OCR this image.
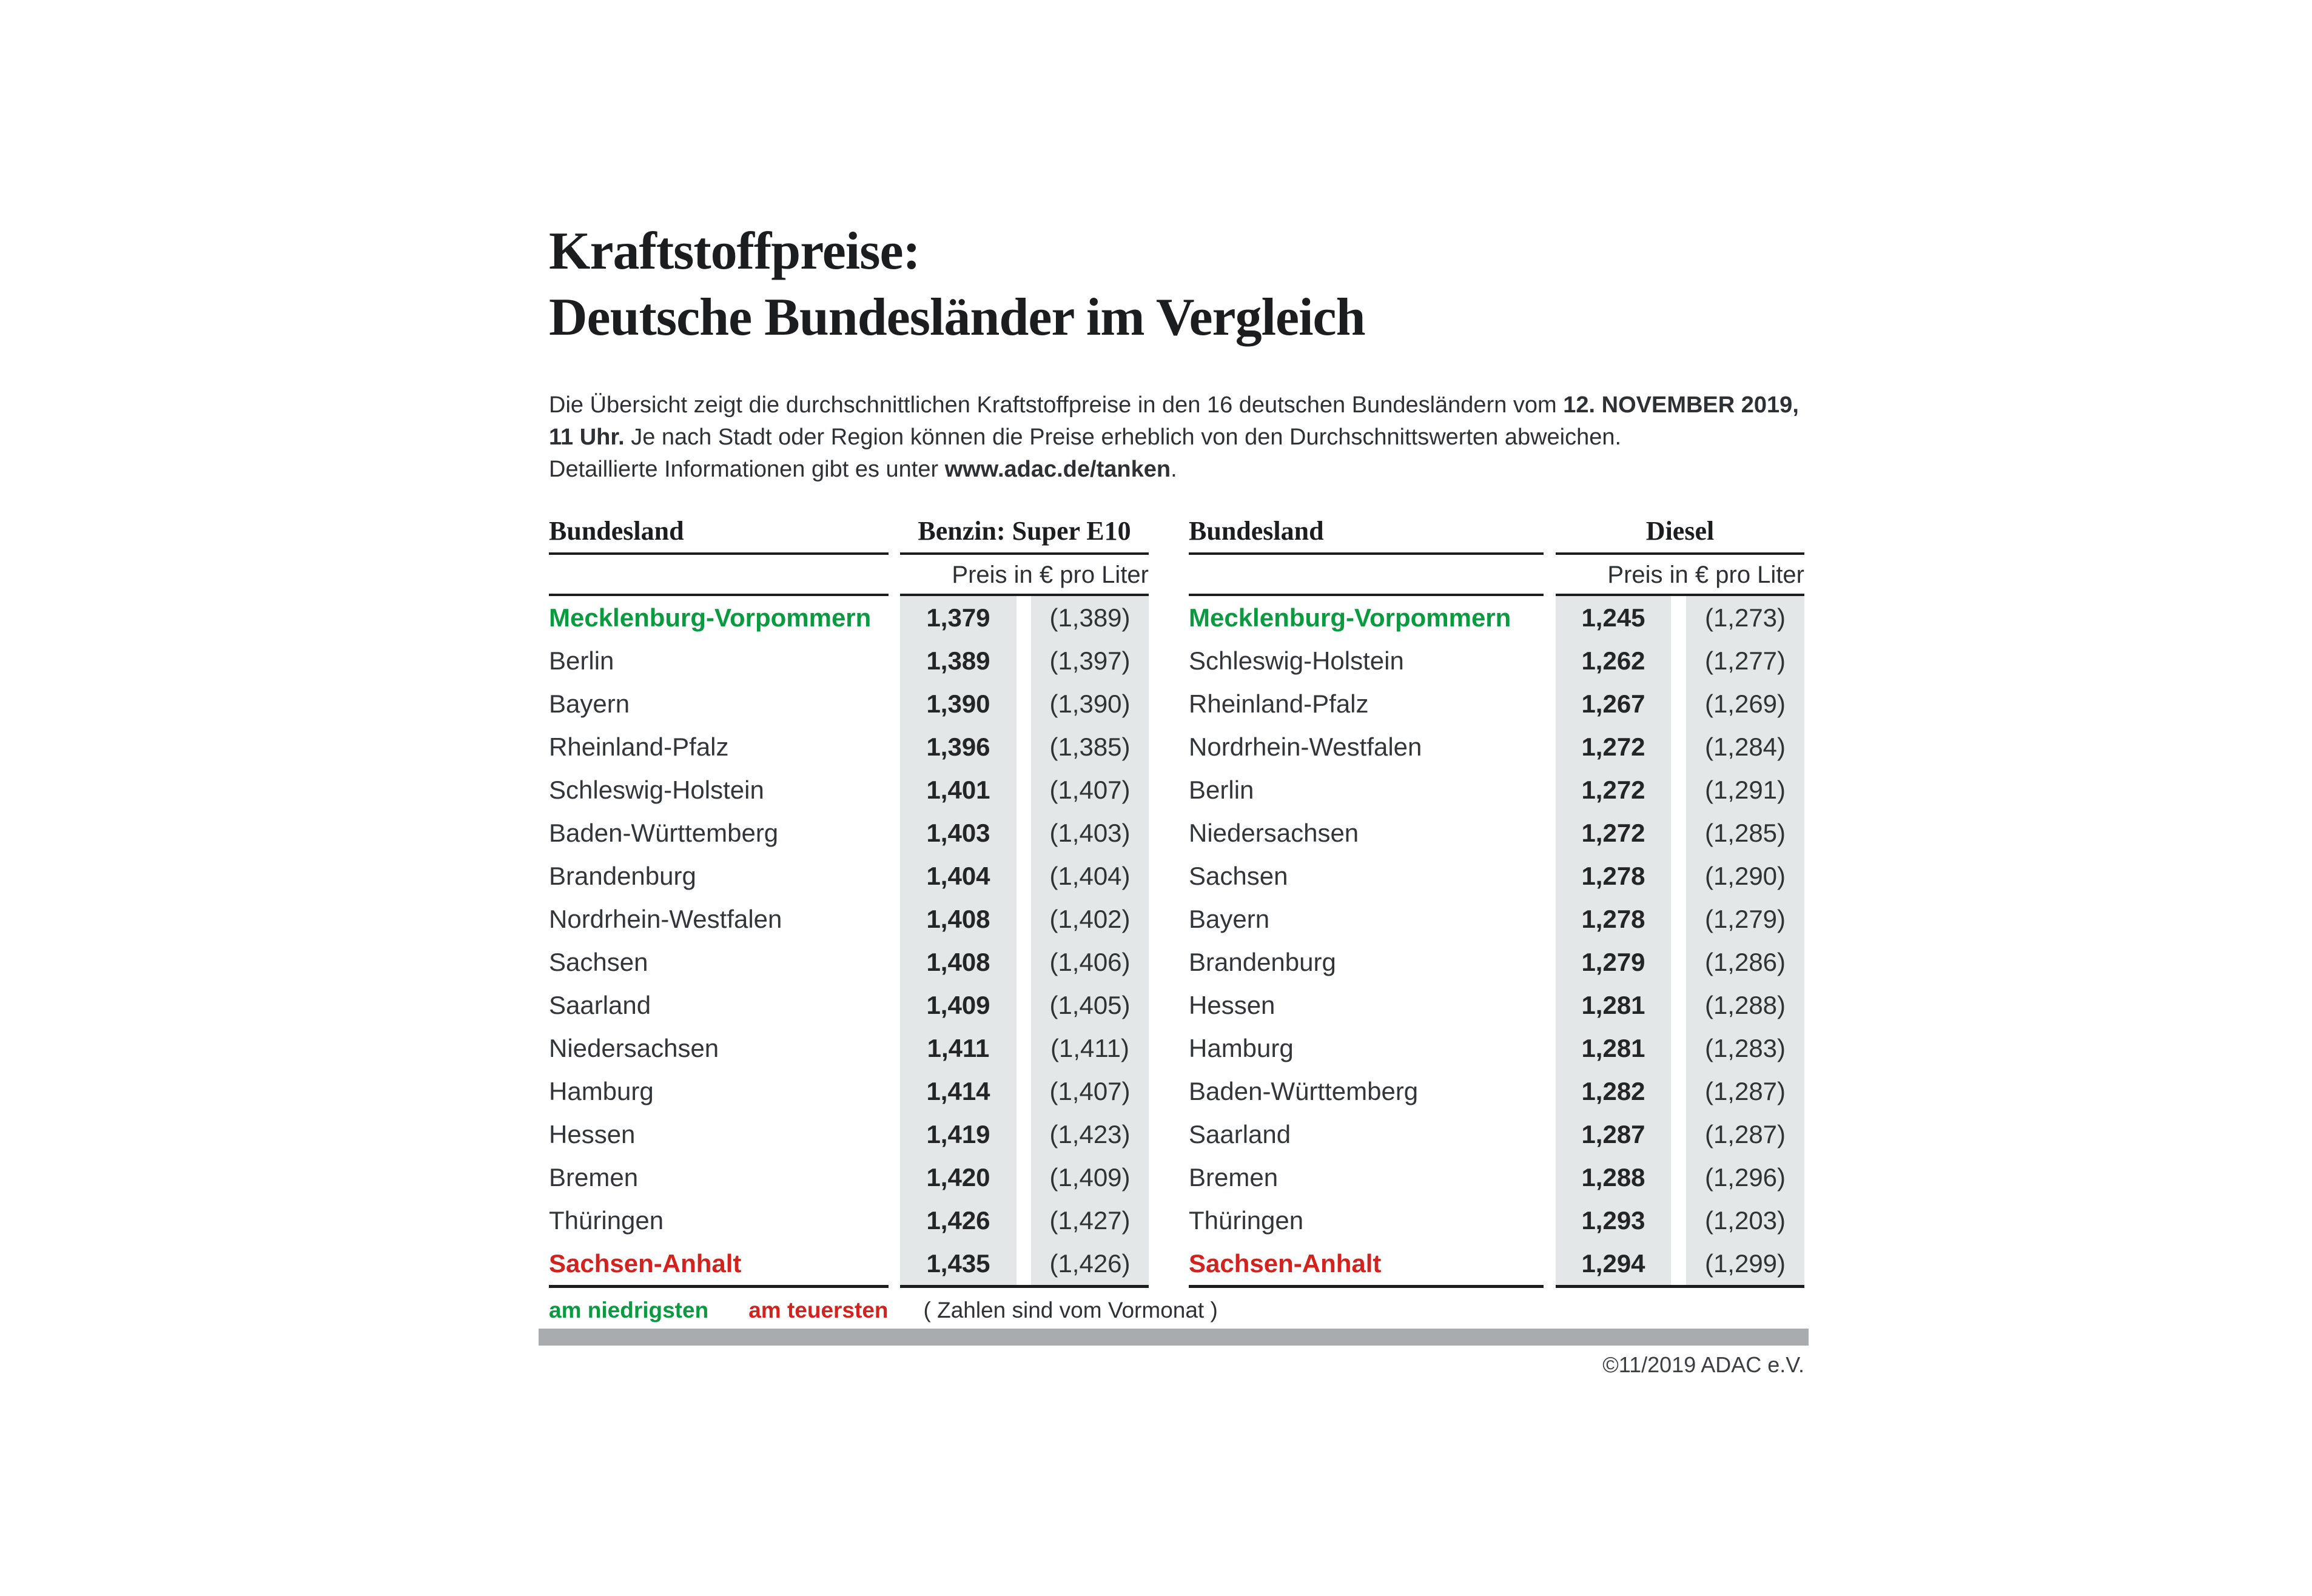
Kraftstoffpreise:
Deutsche Bundesländer im Vergleich
Die Übersicht zeigt die durchschnittlichen Kraftstoffpreise in den 16 deutschen Bundesländern vom 12. NOVEMBER 2019,
11 Uhr. Je nach Stadt oder Region können die Preise erheblich von den Durchschnittswerten abweichen.
Detaillierte Informationen gibt es unter www.adac.de/tanken.
Bundesland	Benzin: Super E10
Preis in € pro Liter
Mecklenburg-Vorpommern	1,379	(1,389)
Berlin	1,389	(1,397)
Bayern	1,390	(1,390)
Rheinland-Pfalz	1,396	(1,385)
Schleswig-Holstein	1,401	(1,407)
Baden-Württemberg	1,403	(1,403)
Brandenburg	1,404	(1,404)
Nordrhein-Westfalen	1,408	(1,402)
Sachsen	1,408	(1,406)
Saarland	1,409	(1,405)
Niedersachsen	1,411	(1,411)
Hamburg	1,414	(1,407)
Hessen	1,419	(1,423)
Bremen	1,420	(1,409)
Thüringen	1,426	(1,427)
Sachsen-Anhalt	1,435	(1,426)
Bundesland	Diesel
Preis in € pro Liter
Mecklenburg-Vorpommern	1,245	(1,273)
Schleswig-Holstein	1,262	(1,277)
Rheinland-Pfalz	1,267	(1,269)
Nordrhein-Westfalen	1,272	(1,284)
Berlin	1,272	(1,291)
Niedersachsen	1,272	(1,285)
Sachsen	1,278	(1,290)
Bayern	1,278	(1,279)
Brandenburg	1,279	(1,286)
Hessen	1,281	(1,288)
Hamburg	1,281	(1,283)
Baden-Württemberg	1,282	(1,287)
Saarland	1,287	(1,287)
Bremen	1,288	(1,296)
Thüringen	1,293	(1,203)
Sachsen-Anhalt	1,294	(1,299)
am niedrigsten am teuersten ( Zahlen sind vom Vormonat )
©11/2019 ADAC e.V.
